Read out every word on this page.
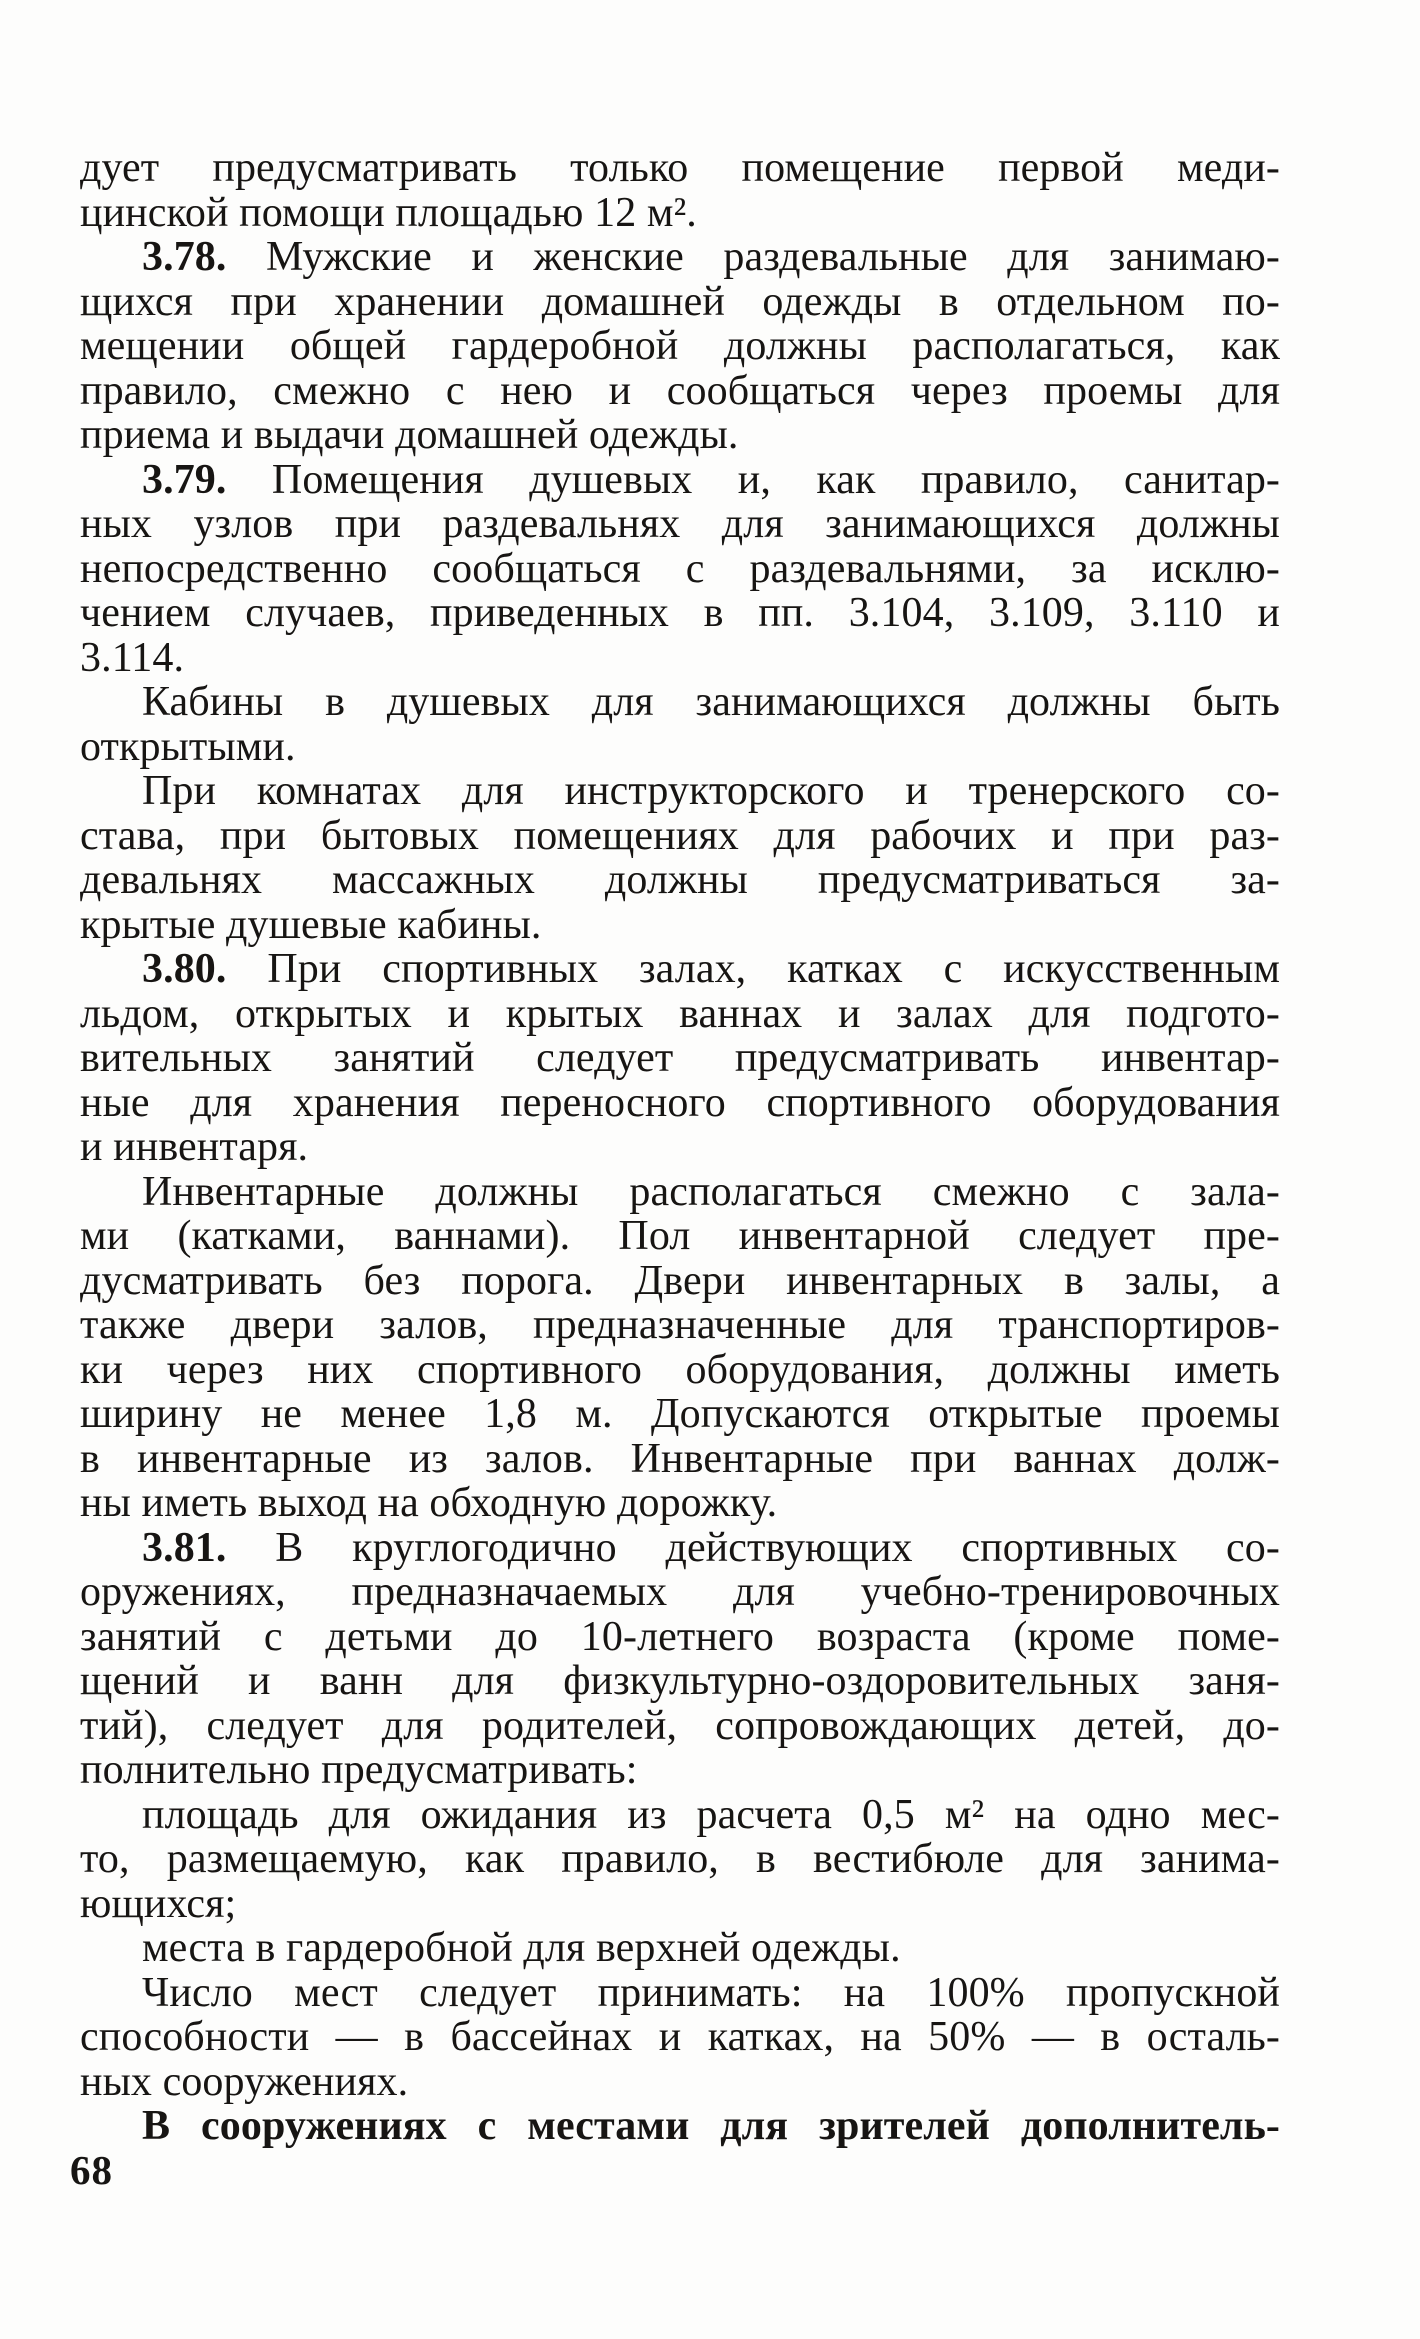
дует предусматривать только помещение первой меди-
цинской помощи площадью 12 м².
3.78. Мужские и женские раздевальные для занимаю-
щихся при хранении домашней одежды в отдельном по-
мещении общей гардеробной должны располагаться, как
правило, смежно с нею и сообщаться через проемы для
приема и выдачи домашней одежды.
3.79. Помещения душевых и, как правило, санитар-
ных узлов при раздевальнях для занимающихся должны
непосредственно сообщаться с раздевальнями, за исклю-
чением случаев, приведенных в пп. 3.104, 3.109, 3.110 и
3.114.
Кабины в душевых для занимающихся должны быть
открытыми.
При комнатах для инструкторского и тренерского со-
става, при бытовых помещениях для рабочих и при раз-
девальнях массажных должны предусматриваться за-
крытые душевые кабины.
3.80. При спортивных залах, катках с искусственным
льдом, открытых и крытых ваннах и залах для подгото-
вительных занятий следует предусматривать инвентар-
ные для хранения переносного спортивного оборудования
и инвентаря.
Инвентарные должны располагаться смежно с зала-
ми (катками, ваннами). Пол инвентарной следует пре-
дусматривать без порога. Двери инвентарных в залы, а
также двери залов, предназначенные для транспортиров-
ки через них спортивного оборудования, должны иметь
ширину не менее 1,8 м. Допускаются открытые проемы
в инвентарные из залов. Инвентарные при ваннах долж-
ны иметь выход на обходную дорожку.
3.81. В круглогодично действующих спортивных со-
оружениях, предназначаемых для учебно-тренировочных
занятий с детьми до 10-летнего возраста (кроме поме-
щений и ванн для физкультурно-оздоровительных заня-
тий), следует для родителей, сопровождающих детей, до-
полнительно предусматривать:
площадь для ожидания из расчета 0,5 м² на одно мес-
то, размещаемую, как правило, в вестибюле для занима-
ющихся;
места в гардеробной для верхней одежды.
Число мест следует принимать: на 100% пропускной
способности — в бассейнах и катках, на 50% — в осталь-
ных сооружениях.
В сооружениях с местами для зрителей дополнитель-
68
